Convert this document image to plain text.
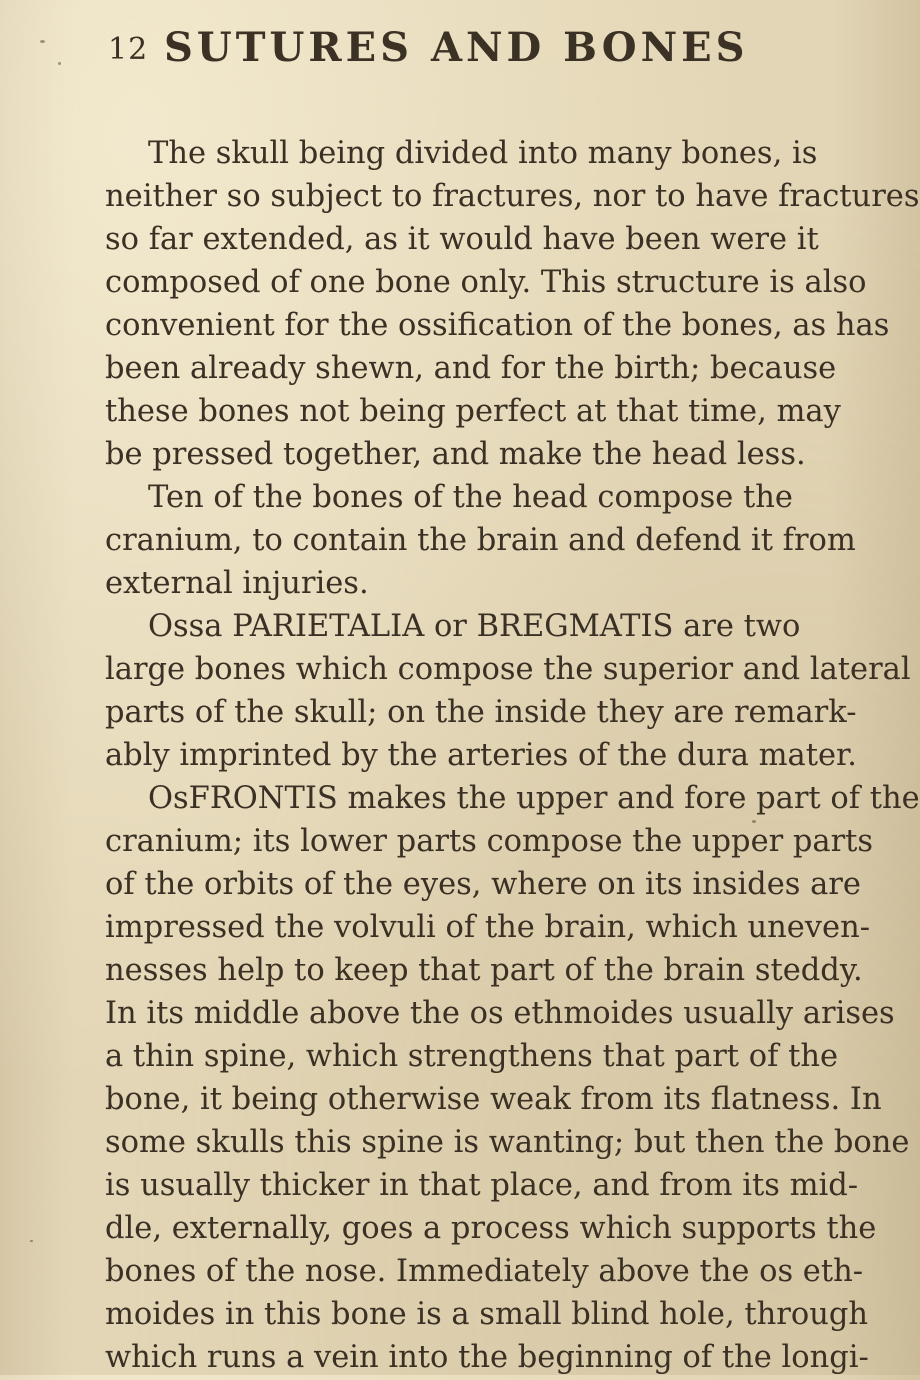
12 SUTURES AND BONES
The skull being divided into many bones, is
neither so subject to fractures, nor to have fractures
so far extended, as it would have been were it
composed of one bone only. This structure is also
convenient for the ossification of the bones, as has
been already shewn, and for the birth; because
these bones not being perfect at that time, may
be pressed together, and make the head less.
Ten of the bones of the head compose the
cranium, to contain the brain and defend it from
external injuries.
Ossa PARIETALIA or BREGMATIS are two
large bones which compose the superior and lateral
parts of the skull; on the inside they are remark-
ably imprinted by the arteries of the dura mater.
OsFRONTIS makes the upper and fore part of the
cranium; its lower parts compose the upper parts
of the orbits of the eyes, where on its insides are
impressed the volvuli of the brain, which uneven-
nesses help to keep that part of the brain steddy.
In its middle above the os ethmoides usually arises
a thin spine, which strengthens that part of the
bone, it being otherwise weak from its flatness. In
some skulls this spine is wanting; but then the bone
is usually thicker in that place, and from its mid-
dle, externally, goes a process which supports the
bones of the nose. Immediately above the os eth-
moides in this bone is a small blind hole, through
which runs a vein into the beginning of the longi-
